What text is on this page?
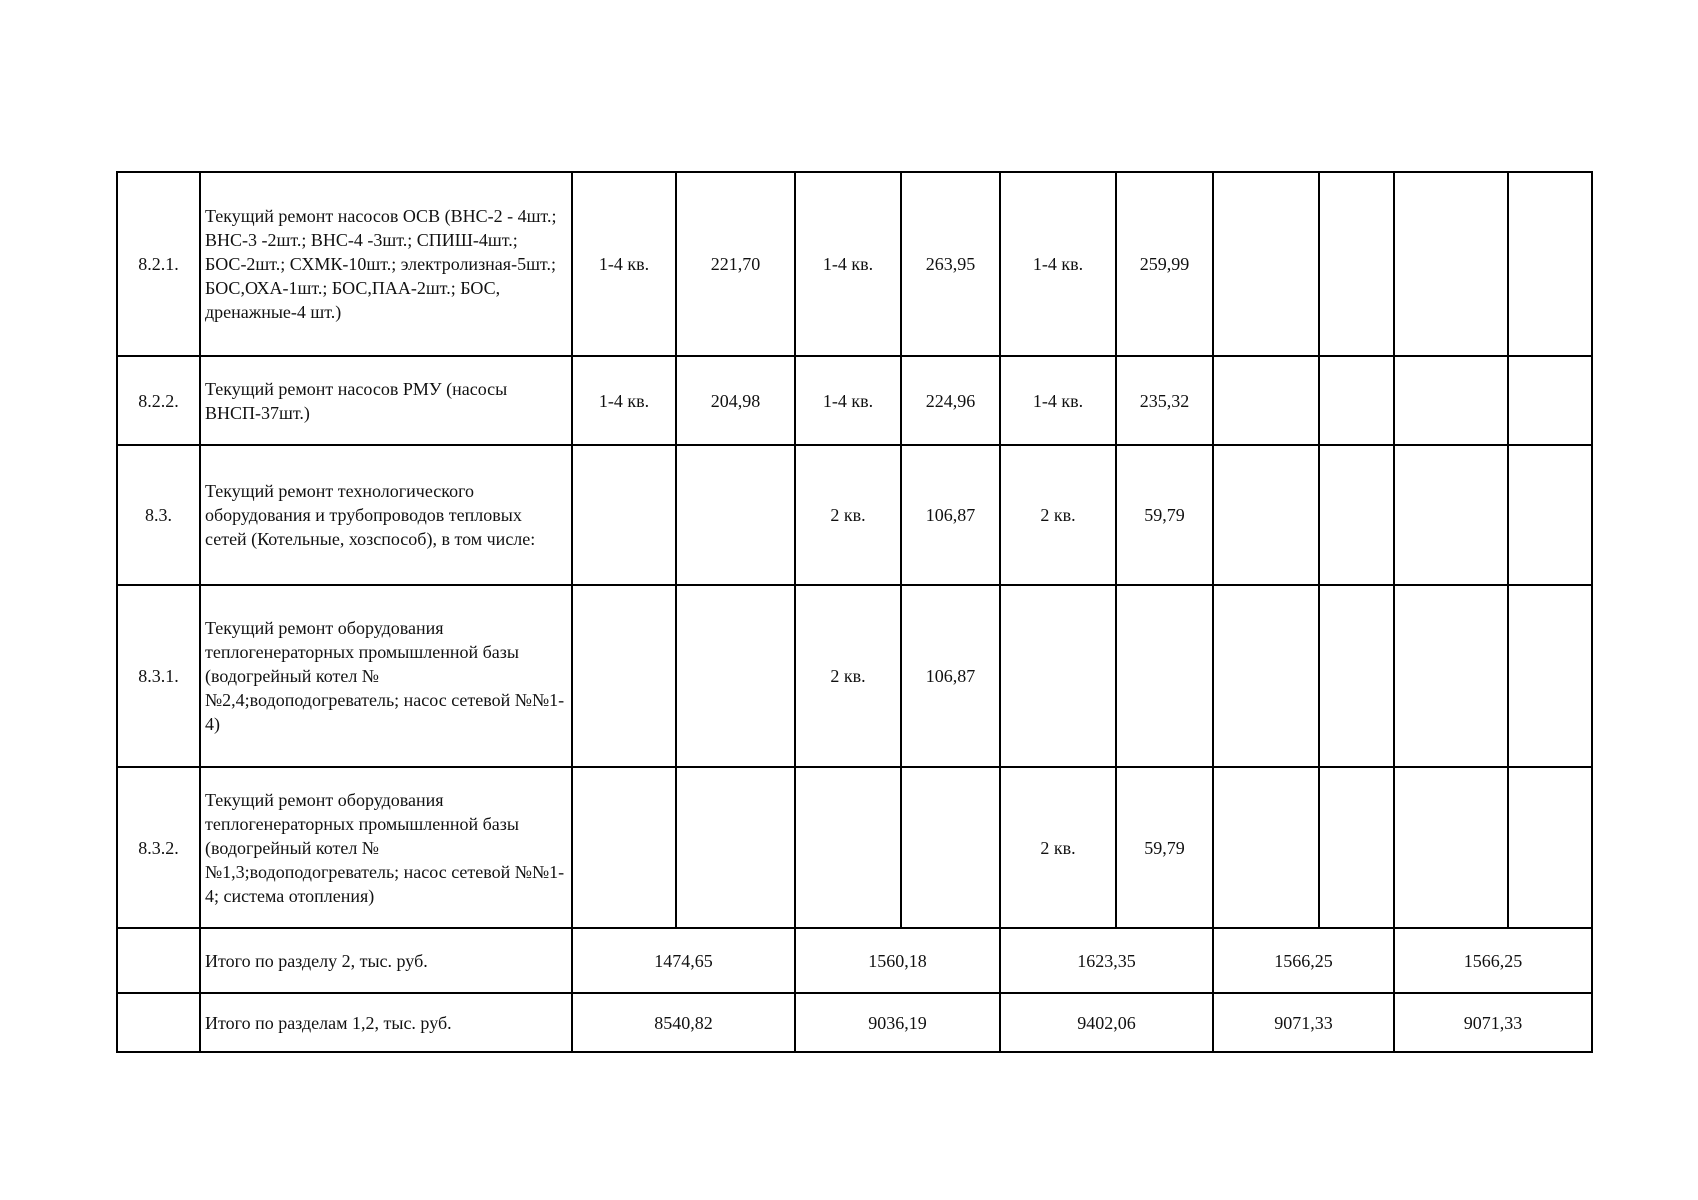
8.2.1.	Текущий ремонт насосов ОСВ (ВНС-2 - 4шт.; ВНС-3 -2шт.; ВНС-4 -3шт.; СПИШ-4шт.; БОС-2шт.; СХМК-10шт.; электролизная-5шт.; БОС,ОХА-1шт.; БОС,ПАА-2шт.; БОС, дренажные-4 шт.)	1-4 кв.	221,70	1-4 кв.	263,95	1-4 кв.	259,99				
8.2.2.	Текущий ремонт насосов РМУ (насосы ВНСП-37шт.)	1-4 кв.	204,98	1-4 кв.	224,96	1-4 кв.	235,32				
8.3.	Текущий ремонт технологического оборудования и трубопроводов тепловых сетей (Котельные, хозспособ), в том числе:			2 кв.	106,87	2 кв.	59,79				
8.3.1.	Текущий ремонт оборудования теплогенераторных промышленной базы (водогрейный котел №№2,4;водоподогреватель; насос сетевой №№1-4)			2 кв.	106,87						
8.3.2.	Текущий ремонт оборудования теплогенераторных промышленной базы (водогрейный котел №№1,3;водоподогреватель; насос сетевой №№1-4; система отопления)					2 кв.	59,79				
	Итого по разделу 2, тыс. руб.	1474,65		1560,18		1623,35		1566,25		1566,25	
	Итого по разделам 1,2, тыс. руб.	8540,82		9036,19		9402,06		9071,33		9071,33	
